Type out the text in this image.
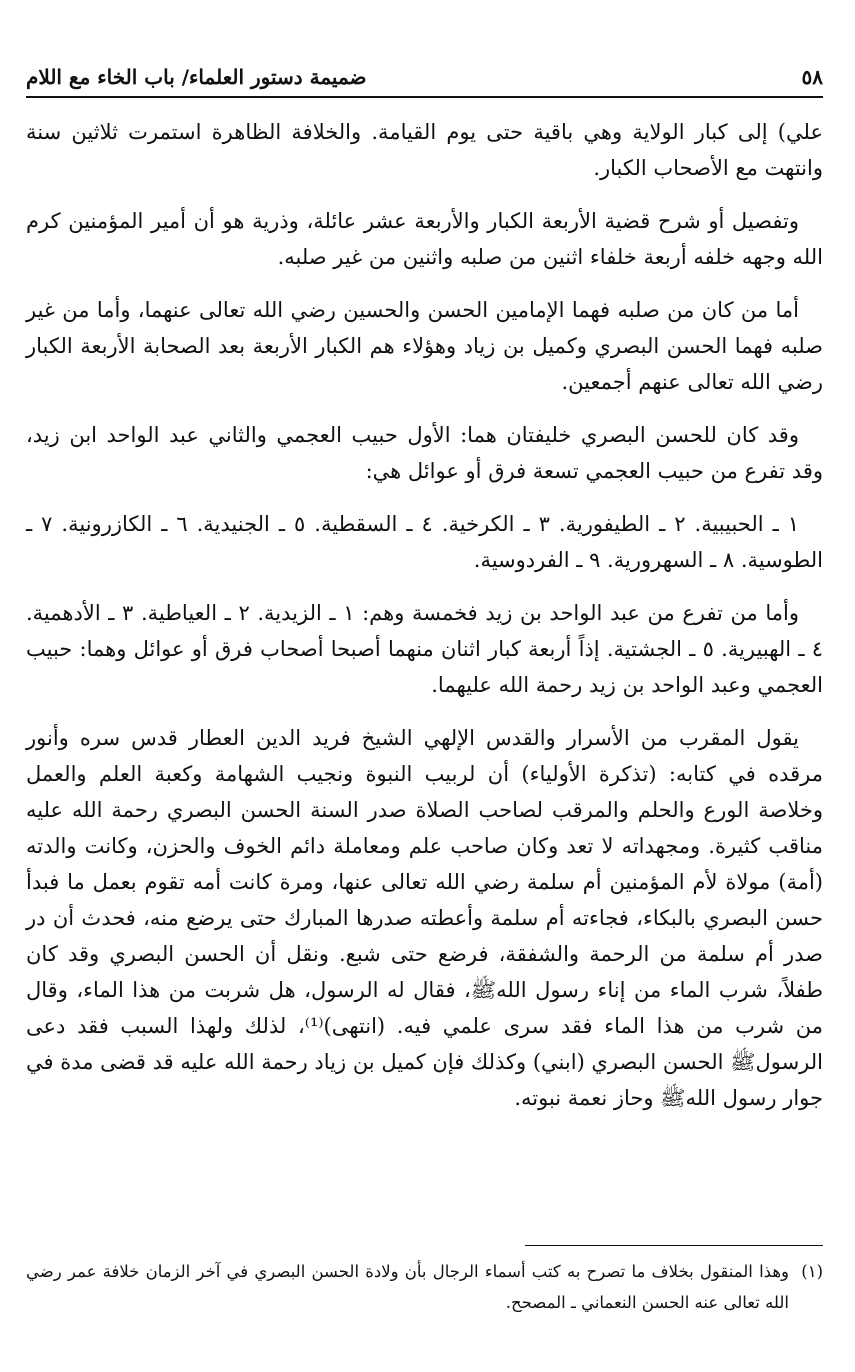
٥٨
ضميمة دستور العلماء/ باب الخاء مع اللام

علي) إلى كبار الولاية وهي باقية حتى يوم القيامة. والخلافة الظاهرة استمرت ثلاثين سنة وانتهت مع الأصحاب الكبار.

وتفصيل أو شرح قضية الأربعة الكبار والأربعة عشر عائلة، وذرية هو أن أمير المؤمنين كرم الله وجهه خلفه أربعة خلفاء اثنين من صلبه واثنين من غير صلبه.

أما من كان من صلبه فهما الإمامين الحسن والحسين رضي الله تعالى عنهما، وأما من غير صلبه فهما الحسن البصري وكميل بن زياد وهؤلاء هم الكبار الأربعة بعد الصحابة الأربعة الكبار رضي الله تعالى عنهم أجمعين.

وقد كان للحسن البصري خليفتان هما: الأول حبيب العجمي والثاني عبد الواحد ابن زيد، وقد تفرع من حبيب العجمي تسعة فرق أو عوائل هي:

١ ـ الحبيبية. ٢ ـ الطيفورية. ٣ ـ الكرخية. ٤ ـ السقطية. ٥ ـ الجنيدية. ٦ ـ الكازرونية. ٧ ـ الطوسية. ٨ ـ السهرورية. ٩ ـ الفردوسية.

وأما من تفرع من عبد الواحد بن زيد فخمسة وهم: ١ ـ الزيدية. ٢ ـ العياطية. ٣ ـ الأدهمية. ٤ ـ الهبيرية. ٥ ـ الجشتية. إذاً أربعة كبار اثنان منهما أصبحا أصحاب فرق أو عوائل وهما: حبيب العجمي وعبد الواحد بن زيد رحمة الله عليهما.

يقول المقرب من الأسرار والقدس الإلهي الشيخ فريد الدين العطار قدس سره وأنور مرقده في كتابه: (تذكرة الأولياء) أن لربيب النبوة ونجيب الشهامة وكعبة العلم والعمل وخلاصة الورع والحلم والمرقب لصاحب الصلاة صدر السنة الحسن البصري رحمة الله عليه مناقب كثيرة. ومجهداته لا تعد وكان صاحب علم ومعاملة دائم الخوف والحزن، وكانت والدته (أمة) مولاة لأم المؤمنين أم سلمة رضي الله تعالى عنها، ومرة كانت أمه تقوم بعمل ما فبدأ حسن البصري بالبكاء، فجاءته أم سلمة وأعطته صدرها المبارك حتى يرضع منه، فحدث أن در صدر أم سلمة من الرحمة والشفقة، فرضع حتى شبع. ونقل أن الحسن البصري وقد كان طفلاً، شرب الماء من إناء رسول اللهﷺ، فقال له الرسول، هل شربت من هذا الماء، وقال من شرب من هذا الماء فقد سرى علمي فيه. (انتهى)⁽¹⁾، لذلك ولهذا السبب فقد دعى الرسولﷺ الحسن البصري (ابني) وكذلك فإن كميل بن زياد رحمة الله عليه قد قضى مدة في جوار رسول اللهﷺ وحاز نعمة نبوته.

(١)
وهذا المنقول بخلاف ما تصرح به كتب أسماء الرجال بأن ولادة الحسن البصري في آخر الزمان خلافة عمر رضي الله تعالى عنه الحسن النعماني ـ المصحح.
